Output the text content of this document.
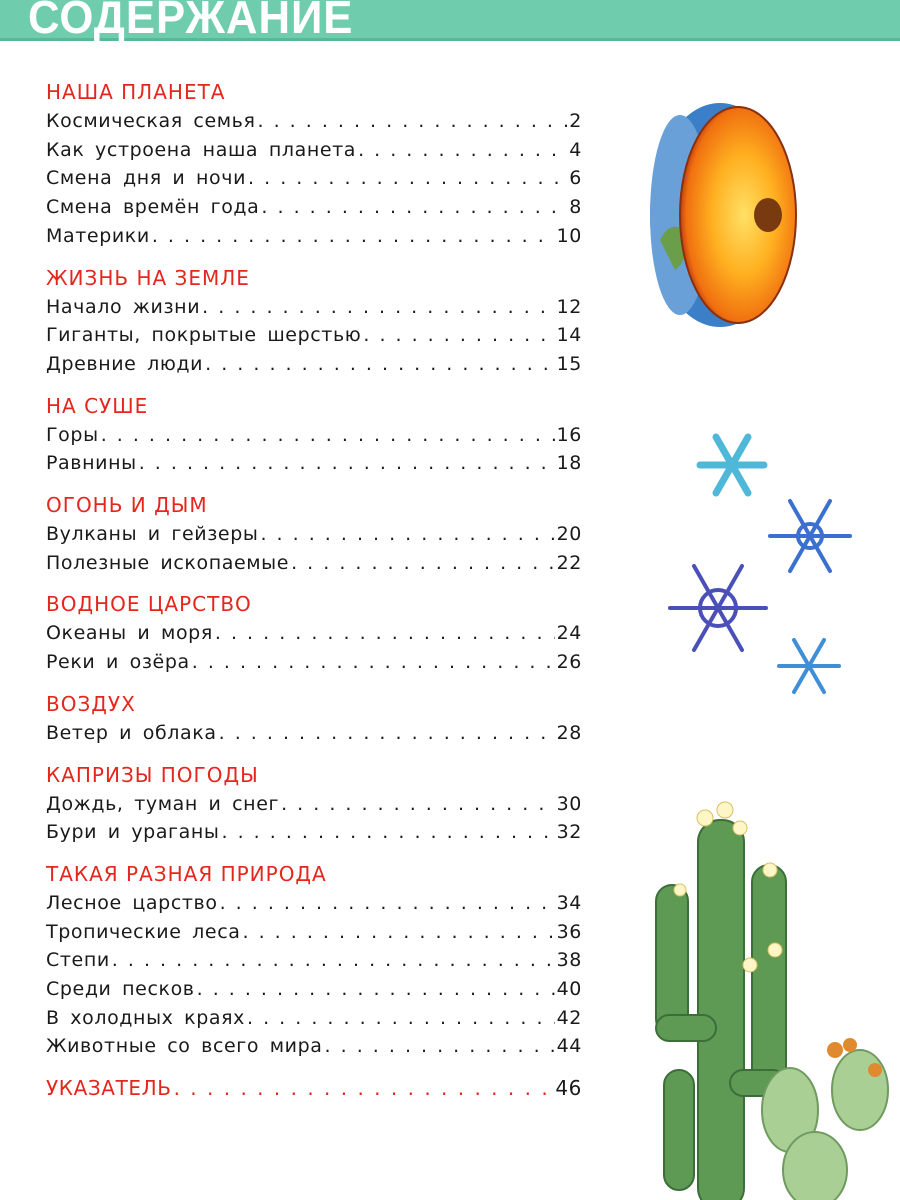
СОДЕРЖАНИЕ
НАША ПЛАНЕТА
Космическая семья . . .	2
Как устроена наша планета . . .	4
Смена дня и ночи . . .	6
Смена времён года . . .	8
Материки . . .	10
ЖИЗНЬ НА ЗЕМЛЕ
Начало жизни . . .	12
Гиганты, покрытые шерстью . . .	14
Древние люди . . .	15
НА СУШЕ
Горы . . .	16
Равнины . . .	18
ОГОНЬ И ДЫМ
Вулканы и гейзеры . . .	20
Полезные ископаемые . . .	22
ВОДНОЕ ЦАРСТВО
Океаны и моря . . .	24
Реки и озёра . . .	26
ВОЗДУХ
Ветер и облака . . .	28
КАПРИЗЫ ПОГОДЫ
Дождь, туман и снег . . .	30
Бури и ураганы . . .	32
ТАКАЯ РАЗНАЯ ПРИРОДА
Лесное царство . . .	34
Тропические леса . . .	36
Степи . . .	38
Среди песков . . .	40
В холодных краях . . .	42
Животные со всего мира . . .	44
УКАЗАТЕЛЬ . . .	46
